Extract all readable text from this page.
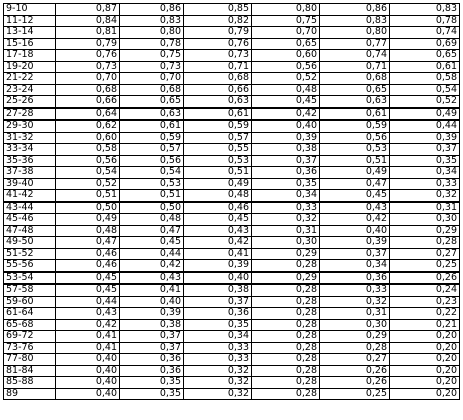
9-10	0,87	0,86	0,85	0,80	0,86	0,83
11-12	0,84	0,83	0,82	0,75	0,83	0,78
13-14	0,81	0,80	0,79	0,70	0,80	0,74
15-16	0,79	0,78	0,76	0,65	0,77	0,69
17-18	0,76	0,75	0,73	0,60	0,74	0,65
19-20	0,73	0,73	0,71	0,56	0,71	0,61
21-22	0,70	0,70	0,68	0,52	0,68	0,58
23-24	0,68	0,68	0,66	0,48	0,65	0,54
25-26	0,66	0,65	0,63	0,45	0,63	0,52
27-28	0,64	0,63	0,61	0,42	0,61	0,49
29-30	0,62	0,61	0,59	0,40	0,59	0,44
31-32	0,60	0,59	0,57	0,39	0,56	0,39
33-34	0,58	0,57	0,55	0,38	0,53	0,37
35-36	0,56	0,56	0,53	0,37	0,51	0,35
37-38	0,54	0,54	0,51	0,36	0,49	0,34
39-40	0,52	0,53	0,49	0,35	0,47	0,33
41-42	0,51	0,51	0,48	0,34	0,45	0,32
43-44	0,50	0,50	0,46	0,33	0,43	0,31
45-46	0,49	0,48	0,45	0,32	0,42	0,30
47-48	0,48	0,47	0,43	0,31	0,40	0,29
49-50	0,47	0,45	0,42	0,30	0,39	0,28
51-52	0,46	0,44	0,41	0,29	0,37	0,27
55-56	0,46	0,42	0,39	0,28	0,34	0,25
53-54	0,45	0,43	0,40	0,29	0,36	0,26
57-58	0,45	0,41	0,38	0,28	0,33	0,24
59-60	0,44	0,40	0,37	0,28	0,32	0,23
61-64	0,43	0,39	0,36	0,28	0,31	0,22
65-68	0,42	0,38	0,35	0,28	0,30	0,21
69-72	0,41	0,37	0,34	0,28	0,29	0,20
73-76	0,41	0,37	0,33	0,28	0,28	0,20
77-80	0,40	0,36	0,33	0,28	0,27	0,20
81-84	0,40	0,36	0,32	0,28	0,26	0,20
85-88	0,40	0,35	0,32	0,28	0,26	0,20
89	0,40	0,35	0,32	0,28	0,25	0,20
